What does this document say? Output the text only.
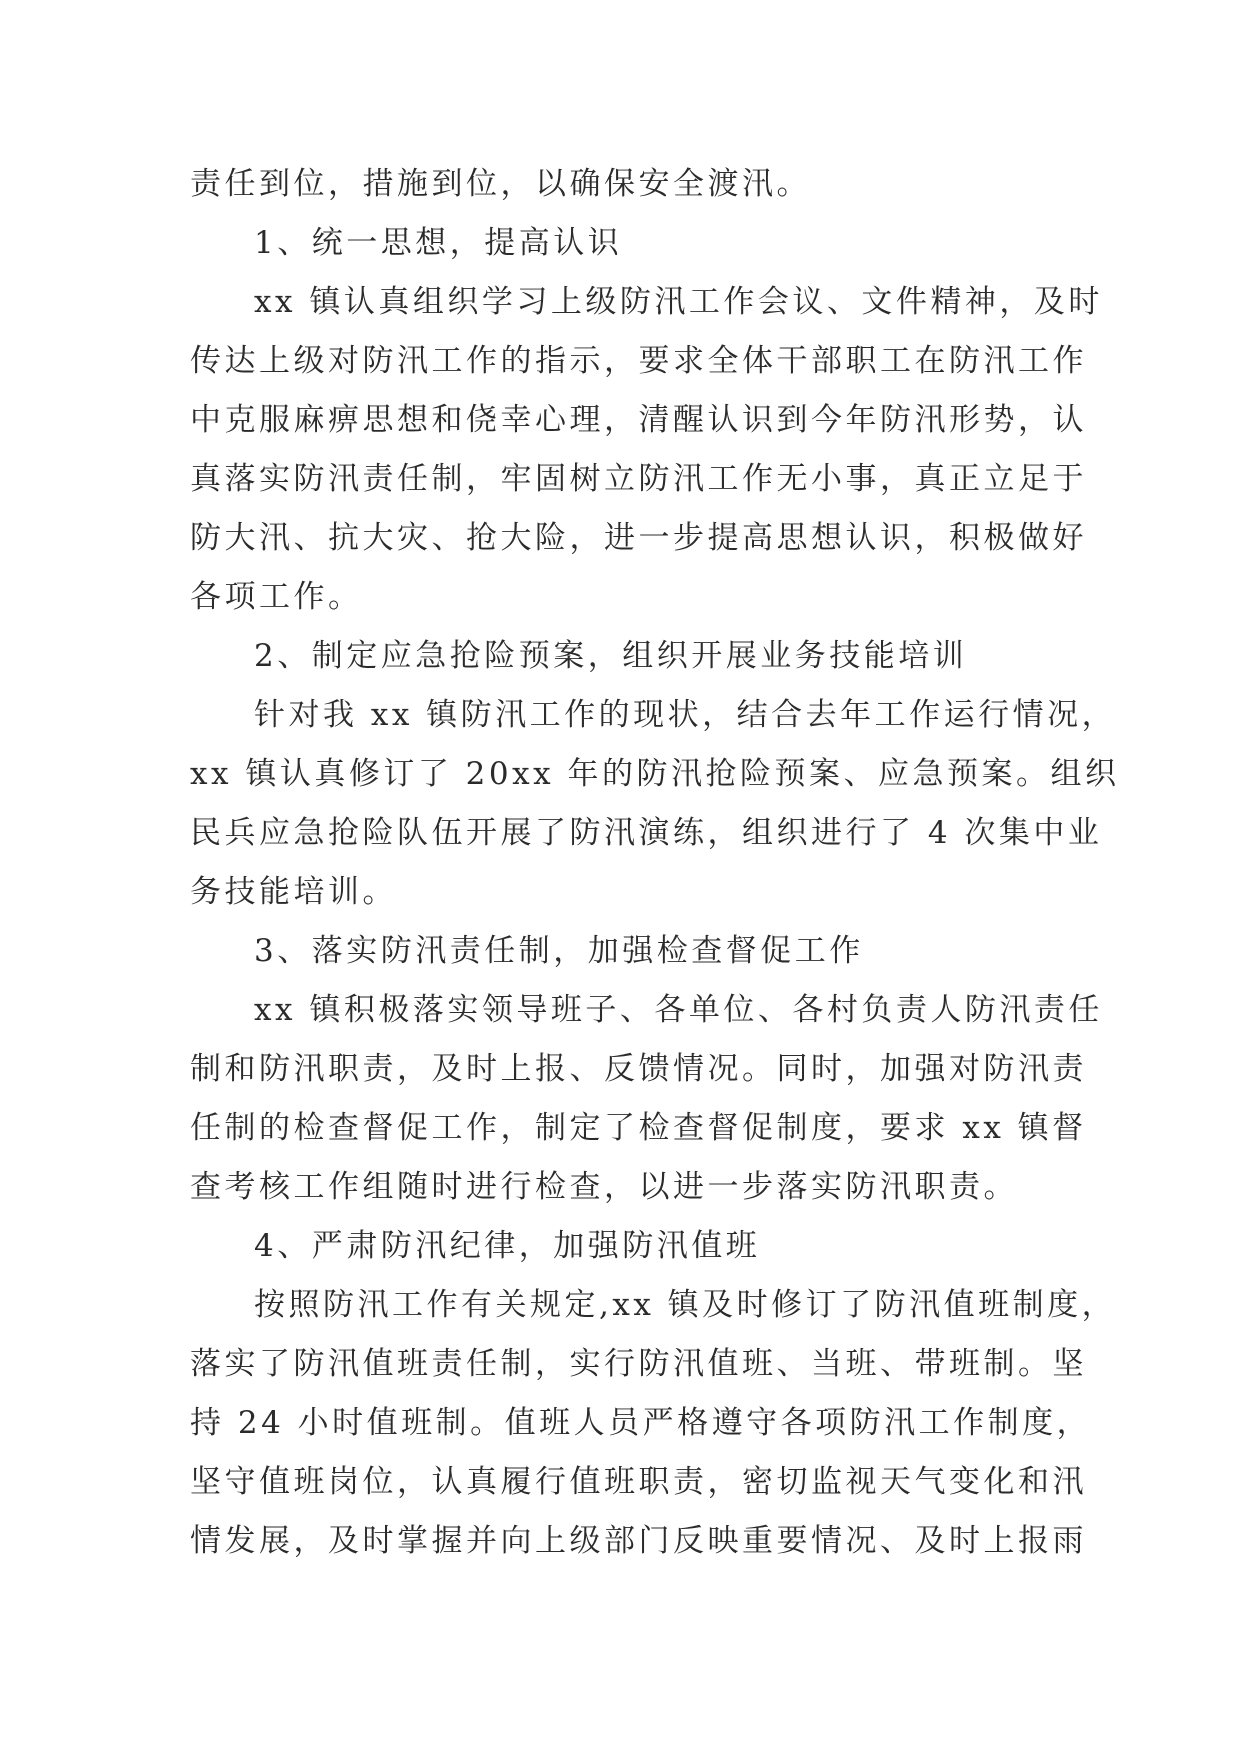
责任到位，措施到位，以确保安全渡汛。
1、统一思想，提高认识
xx 镇认真组织学习上级防汛工作会议、文件精神，及时
传达上级对防汛工作的指示，要求全体干部职工在防汛工作
中克服麻痹思想和侥幸心理，清醒认识到今年防汛形势，认
真落实防汛责任制，牢固树立防汛工作无小事，真正立足于
防大汛、抗大灾、抢大险，进一步提高思想认识，积极做好
各项工作。
2、制定应急抢险预案，组织开展业务技能培训
针对我 xx 镇防汛工作的现状，结合去年工作运行情况，
xx 镇认真修订了 20xx 年的防汛抢险预案、应急预案。组织
民兵应急抢险队伍开展了防汛演练，组织进行了 4 次集中业
务技能培训。
3、落实防汛责任制，加强检查督促工作
xx 镇积极落实领导班子、各单位、各村负责人防汛责任
制和防汛职责，及时上报、反馈情况。同时，加强对防汛责
任制的检查督促工作，制定了检查督促制度，要求 xx 镇督
查考核工作组随时进行检查，以进一步落实防汛职责。
4、严肃防汛纪律，加强防汛值班
按照防汛工作有关规定,xx 镇及时修订了防汛值班制度，
落实了防汛值班责任制，实行防汛值班、当班、带班制。坚
持 24 小时值班制。值班人员严格遵守各项防汛工作制度，
坚守值班岗位，认真履行值班职责，密切监视天气变化和汛
情发展，及时掌握并向上级部门反映重要情况、及时上报雨
